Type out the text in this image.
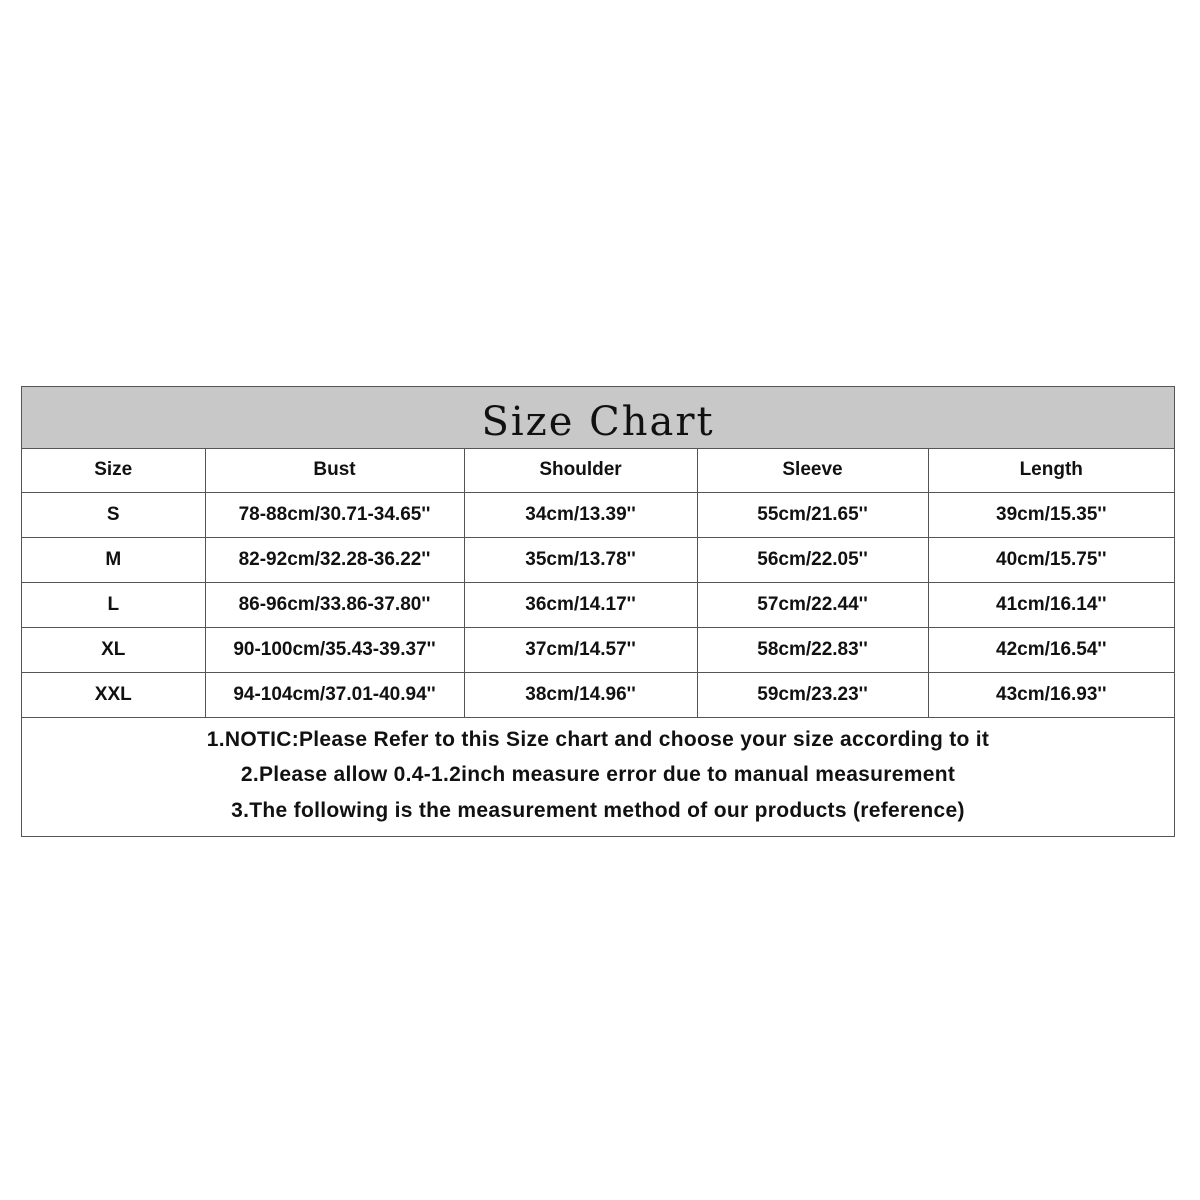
Size Chart
Size	Bust	Shoulder	Sleeve	Length
S	78-88cm/30.71-34.65''	34cm/13.39''	55cm/21.65''	39cm/15.35''
M	82-92cm/32.28-36.22''	35cm/13.78''	56cm/22.05''	40cm/15.75''
L	86-96cm/33.86-37.80''	36cm/14.17''	57cm/22.44''	41cm/16.14''
XL	90-100cm/35.43-39.37''	37cm/14.57''	58cm/22.83''	42cm/16.54''
XXL	94-104cm/37.01-40.94''	38cm/14.96''	59cm/23.23''	43cm/16.93''
1.NOTIC:Please Refer to this Size chart and choose your size according to it
2.Please allow 0.4-1.2inch measure error due to manual measurement
3.The following is the measurement method of our products (reference)
